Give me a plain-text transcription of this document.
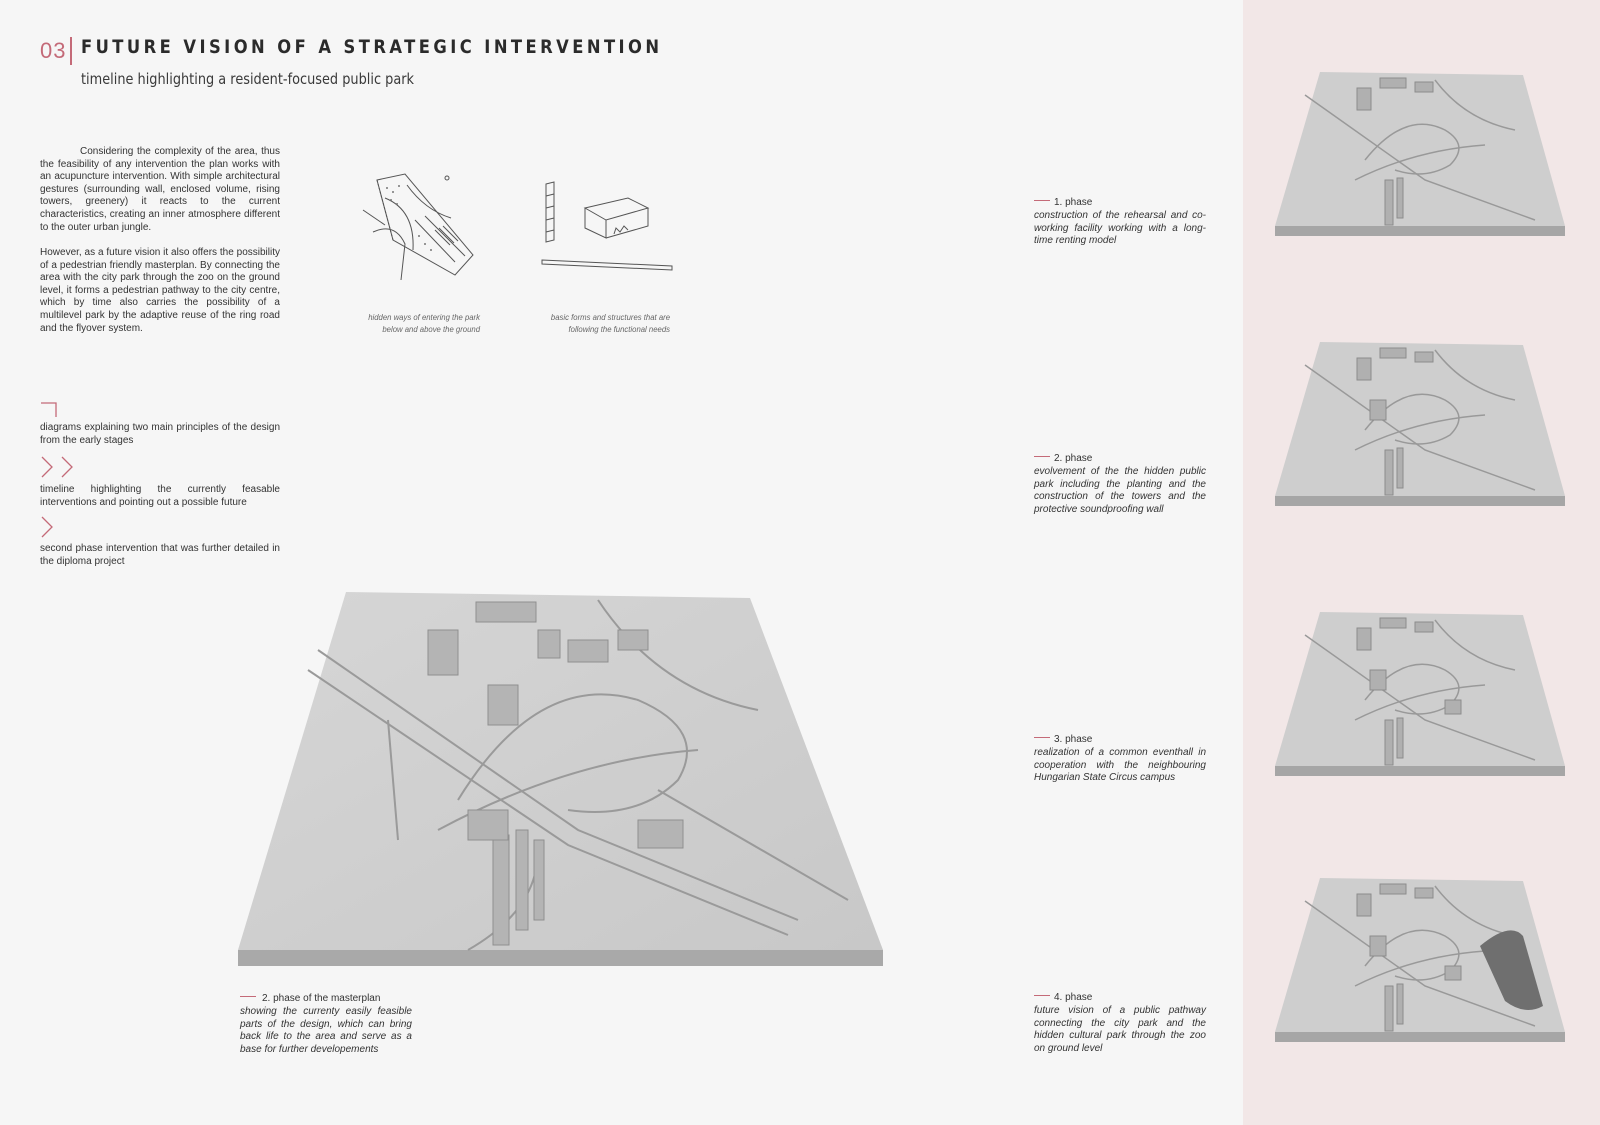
03 FUTURE VISION OF A STRATEGIC INTERVENTION
timeline highlighting a resident-focused public park

Considering the complexity of the area, thus the feasibility of any intervention the plan works with an acupuncture intervention. With simple architectural gestures (surrounding wall, enclosed volume, rising towers, greenery) it reacts to the current characteristics, creating an inner atmosphere different to the outer urban jungle.

However, as a future vision it also offers the possibility of a pedestrian friendly masterplan. By connecting the area with the city park through the zoo on the ground level, it forms a pedestrian pathway to the city centre, which by time also carries the possibility of a multilevel park by the adaptive reuse of the ring road and the flyover system.

hidden ways of entering the park
below and above the ground
basic forms and structures that are
following the functional needs

diagrams explaining two main principles of the design from the early stages

timeline highlighting the currently feasable interventions and pointing out a possible future

second phase intervention that was further detailed in the diploma project

2. phase of the masterplan

showing the currenty easily feasible parts of the design, which can bring back life to the area and serve as a base for further developements

1. phase

construction of the rehearsal and co-working facility working with a long-time renting model

2. phase

evolvement of the the hidden public park including the planting and the construction of the towers and the protective soundproofing wall

3. phase

realization of a common eventhall in cooperation with the neighbouring Hungarian State Circus campus

4. phase

future vision of a public pathway connecting the city park and the hidden cultural park through the zoo on ground level
